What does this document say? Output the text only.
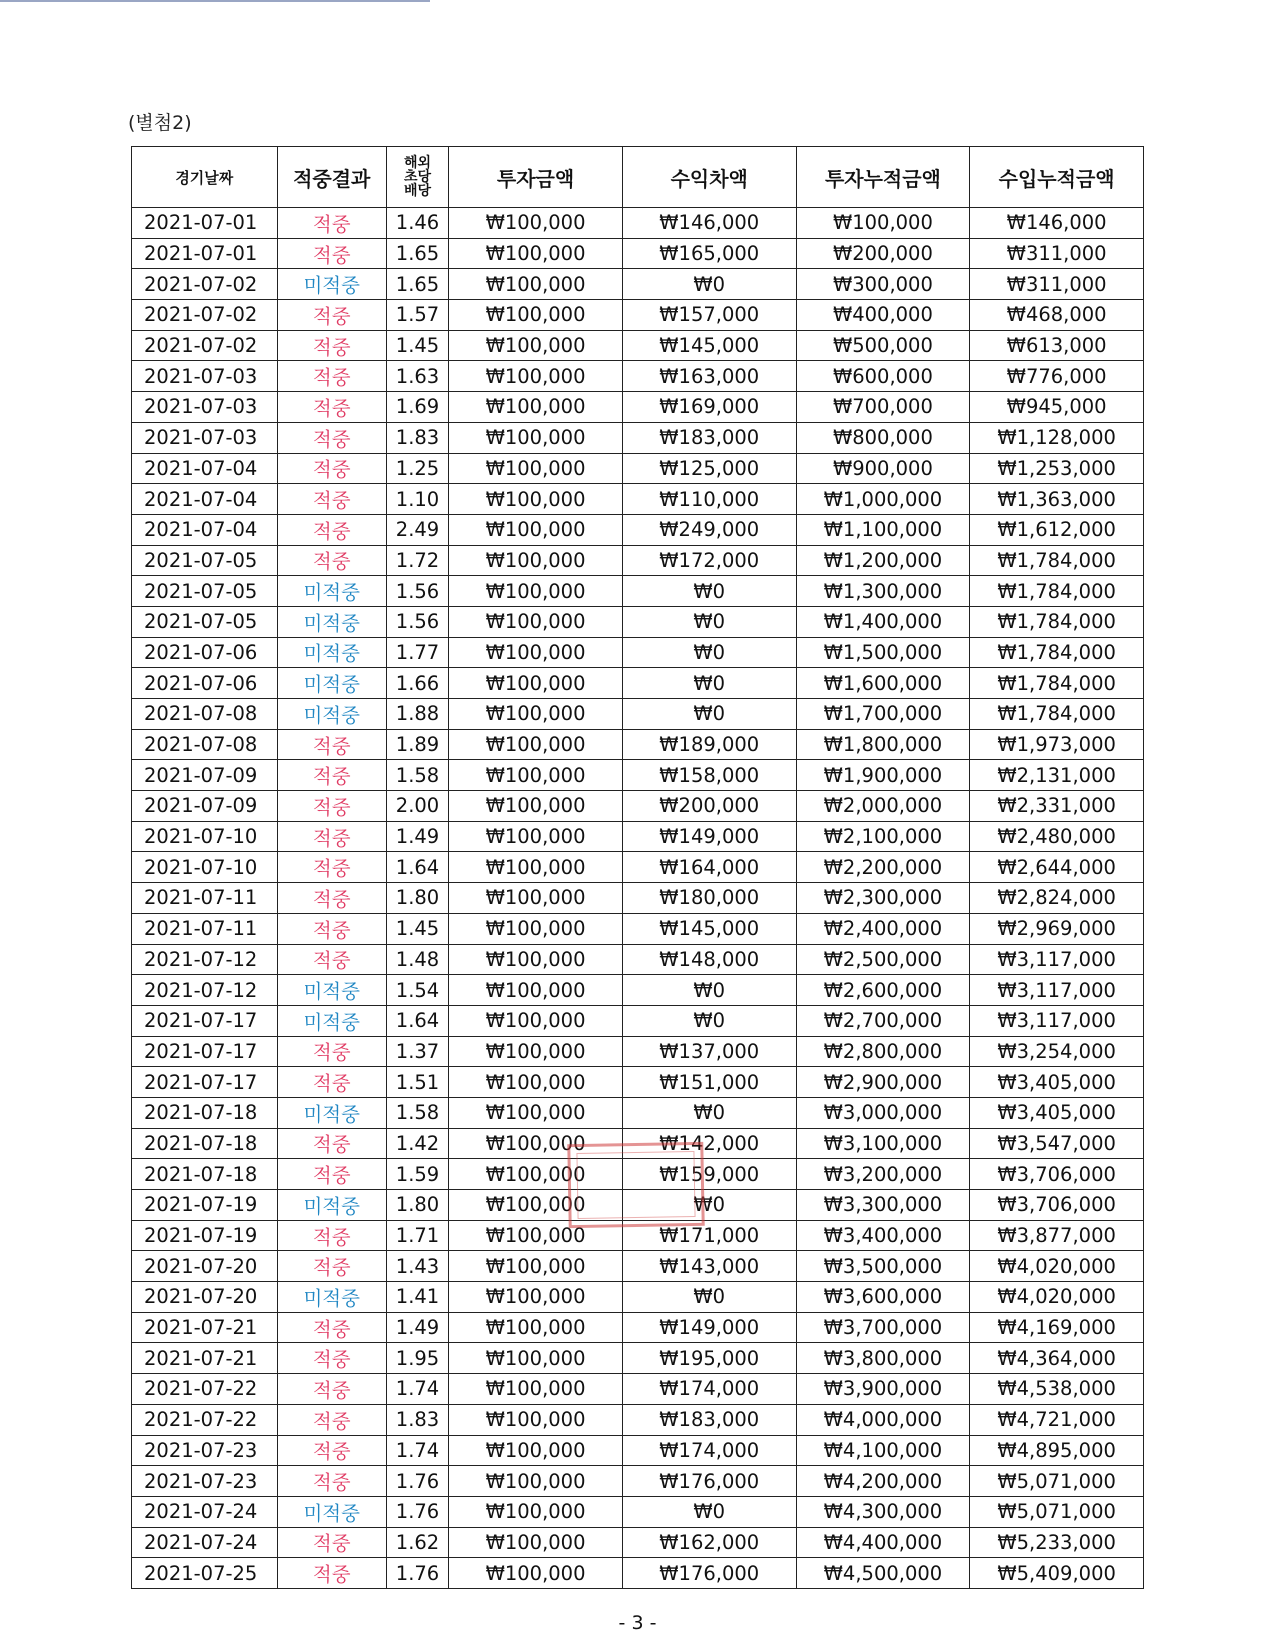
(별첨2)
경기날짜	적중결과	해외
초당
배당	투자금액	수익차액	투자누적금액	수입누적금액
2021-07-01	적중	1.46	₩100,000	₩146,000	₩100,000	₩146,000
2021-07-01	적중	1.65	₩100,000	₩165,000	₩200,000	₩311,000
2021-07-02	미적중	1.65	₩100,000	₩0	₩300,000	₩311,000
2021-07-02	적중	1.57	₩100,000	₩157,000	₩400,000	₩468,000
2021-07-02	적중	1.45	₩100,000	₩145,000	₩500,000	₩613,000
2021-07-03	적중	1.63	₩100,000	₩163,000	₩600,000	₩776,000
2021-07-03	적중	1.69	₩100,000	₩169,000	₩700,000	₩945,000
2021-07-03	적중	1.83	₩100,000	₩183,000	₩800,000	₩1,128,000
2021-07-04	적중	1.25	₩100,000	₩125,000	₩900,000	₩1,253,000
2021-07-04	적중	1.10	₩100,000	₩110,000	₩1,000,000	₩1,363,000
2021-07-04	적중	2.49	₩100,000	₩249,000	₩1,100,000	₩1,612,000
2021-07-05	적중	1.72	₩100,000	₩172,000	₩1,200,000	₩1,784,000
2021-07-05	미적중	1.56	₩100,000	₩0	₩1,300,000	₩1,784,000
2021-07-05	미적중	1.56	₩100,000	₩0	₩1,400,000	₩1,784,000
2021-07-06	미적중	1.77	₩100,000	₩0	₩1,500,000	₩1,784,000
2021-07-06	미적중	1.66	₩100,000	₩0	₩1,600,000	₩1,784,000
2021-07-08	미적중	1.88	₩100,000	₩0	₩1,700,000	₩1,784,000
2021-07-08	적중	1.89	₩100,000	₩189,000	₩1,800,000	₩1,973,000
2021-07-09	적중	1.58	₩100,000	₩158,000	₩1,900,000	₩2,131,000
2021-07-09	적중	2.00	₩100,000	₩200,000	₩2,000,000	₩2,331,000
2021-07-10	적중	1.49	₩100,000	₩149,000	₩2,100,000	₩2,480,000
2021-07-10	적중	1.64	₩100,000	₩164,000	₩2,200,000	₩2,644,000
2021-07-11	적중	1.80	₩100,000	₩180,000	₩2,300,000	₩2,824,000
2021-07-11	적중	1.45	₩100,000	₩145,000	₩2,400,000	₩2,969,000
2021-07-12	적중	1.48	₩100,000	₩148,000	₩2,500,000	₩3,117,000
2021-07-12	미적중	1.54	₩100,000	₩0	₩2,600,000	₩3,117,000
2021-07-17	미적중	1.64	₩100,000	₩0	₩2,700,000	₩3,117,000
2021-07-17	적중	1.37	₩100,000	₩137,000	₩2,800,000	₩3,254,000
2021-07-17	적중	1.51	₩100,000	₩151,000	₩2,900,000	₩3,405,000
2021-07-18	미적중	1.58	₩100,000	₩0	₩3,000,000	₩3,405,000
2021-07-18	적중	1.42	₩100,000	₩142,000	₩3,100,000	₩3,547,000
2021-07-18	적중	1.59	₩100,000	₩159,000	₩3,200,000	₩3,706,000
2021-07-19	미적중	1.80	₩100,000	₩0	₩3,300,000	₩3,706,000
2021-07-19	적중	1.71	₩100,000	₩171,000	₩3,400,000	₩3,877,000
2021-07-20	적중	1.43	₩100,000	₩143,000	₩3,500,000	₩4,020,000
2021-07-20	미적중	1.41	₩100,000	₩0	₩3,600,000	₩4,020,000
2021-07-21	적중	1.49	₩100,000	₩149,000	₩3,700,000	₩4,169,000
2021-07-21	적중	1.95	₩100,000	₩195,000	₩3,800,000	₩4,364,000
2021-07-22	적중	1.74	₩100,000	₩174,000	₩3,900,000	₩4,538,000
2021-07-22	적중	1.83	₩100,000	₩183,000	₩4,000,000	₩4,721,000
2021-07-23	적중	1.74	₩100,000	₩174,000	₩4,100,000	₩4,895,000
2021-07-23	적중	1.76	₩100,000	₩176,000	₩4,200,000	₩5,071,000
2021-07-24	미적중	1.76	₩100,000	₩0	₩4,300,000	₩5,071,000
2021-07-24	적중	1.62	₩100,000	₩162,000	₩4,400,000	₩5,233,000
2021-07-25	적중	1.76	₩100,000	₩176,000	₩4,500,000	₩5,409,000
- 3 -
